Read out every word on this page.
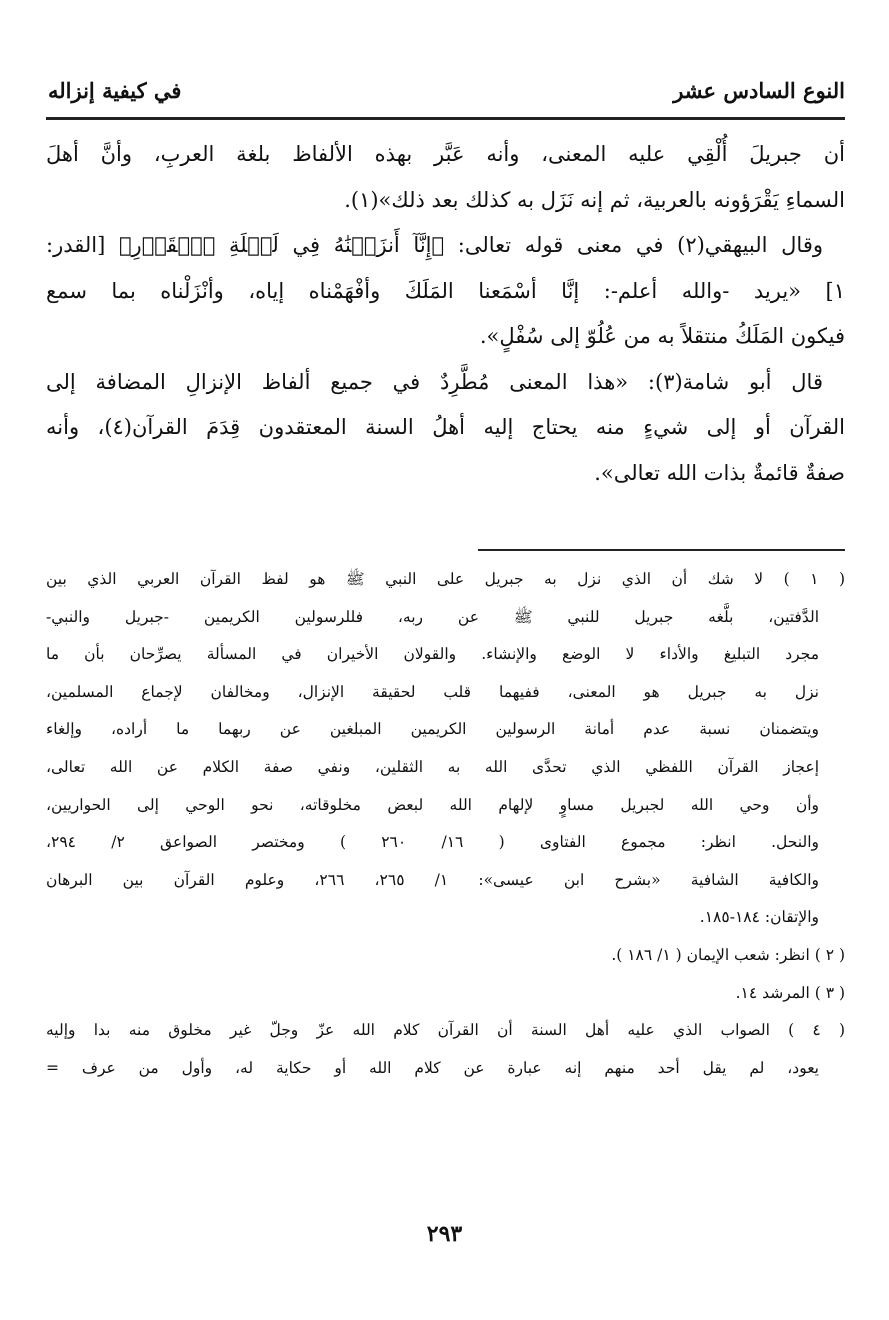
النوع السادس عشر
في كيفية إنزاله
أن جبريلَ أُلْقِي عليه المعنى، وأنه عَبَّر بهذه الألفاظ بلغة العربِ، وأنَّ أهلَ
السماءِ يَقْرَؤونه بالعربية، ثم إنه نَزَل به كذلك بعد ذلك»(١).
وقال البيهقي(٢) في معنى قوله تعالى: ﴿إِنَّآ أَنزَلۡنَٰهُ فِي لَيۡلَةِ ٱلۡقَدۡرِ﴾ [القدر:
١] «يريد -والله أعلم-: إنَّا أسْمَعنا المَلَكَ وأفْهَمْناه إياه، وأنْزَلْناه بما سمع
فيكون المَلَكُ منتقلاً به من عُلُوّ إلى سُفْلٍ».
قال أبو شامة(٣): «هذا المعنى مُطَّرِدٌ في جميع ألفاظ الإنزالِ المضافة إلى
القرآن أو إلى شيءٍ منه يحتاج إليه أهلُ السنة المعتقدون قِدَمَ القرآن(٤)، وأنه
صفةٌ قائمةٌ بذات الله تعالى».
( ١ ) لا شك أن الذي نزل به جبريل على النبي ﷺ هو لفظ القرآن العربي الذي بين
الدَّفتين، بلَّغه جبريل للنبي ﷺ عن ربه، فللرسولين الكريمين -جبريل والنبي-
مجرد التبليغ والأداء لا الوضع والإنشاء. والقولان الأخيران في المسألة يصرِّحان بأن ما
نزل به جبريل هو المعنى، ففيهما قلب لحقيقة الإنزال، ومخالفان لإجماع المسلمين،
ويتضمنان نسبة عدم أمانة الرسولين الكريمين المبلغين عن ربهما ما أراده، وإلغاء
إعجاز القرآن اللفظي الذي تحدَّى الله به الثقلين، ونفي صفة الكلام عن الله تعالى،
وأن وحي الله لجبريل مساوٍ لإلهام الله لبعض مخلوقاته، نحو الوحي إلى الحواريين،
والنحل. انظر: مجموع الفتاوى ( ١٦/ ٢٦٠ ) ومختصر الصواعق ٢/ ٢٩٤،
والكافية الشافية «بشرح ابن عيسى»: ١/ ٢٦٥، ٢٦٦، وعلوم القرآن بين البرهان
والإتقان: ١٨٤-١٨٥.
( ٢ ) انظر: شعب الإيمان ( ١/ ١٨٦ ).
( ٣ ) المرشد ١٤.
( ٤ ) الصواب الذي عليه أهل السنة أن القرآن كلام الله عزّ وجلّ غير مخلوق منه بدا وإليه
يعود، لم يقل أحد منهم إنه عبارة عن كلام الله أو حكاية له، وأول من عرف =
٢٩٣
